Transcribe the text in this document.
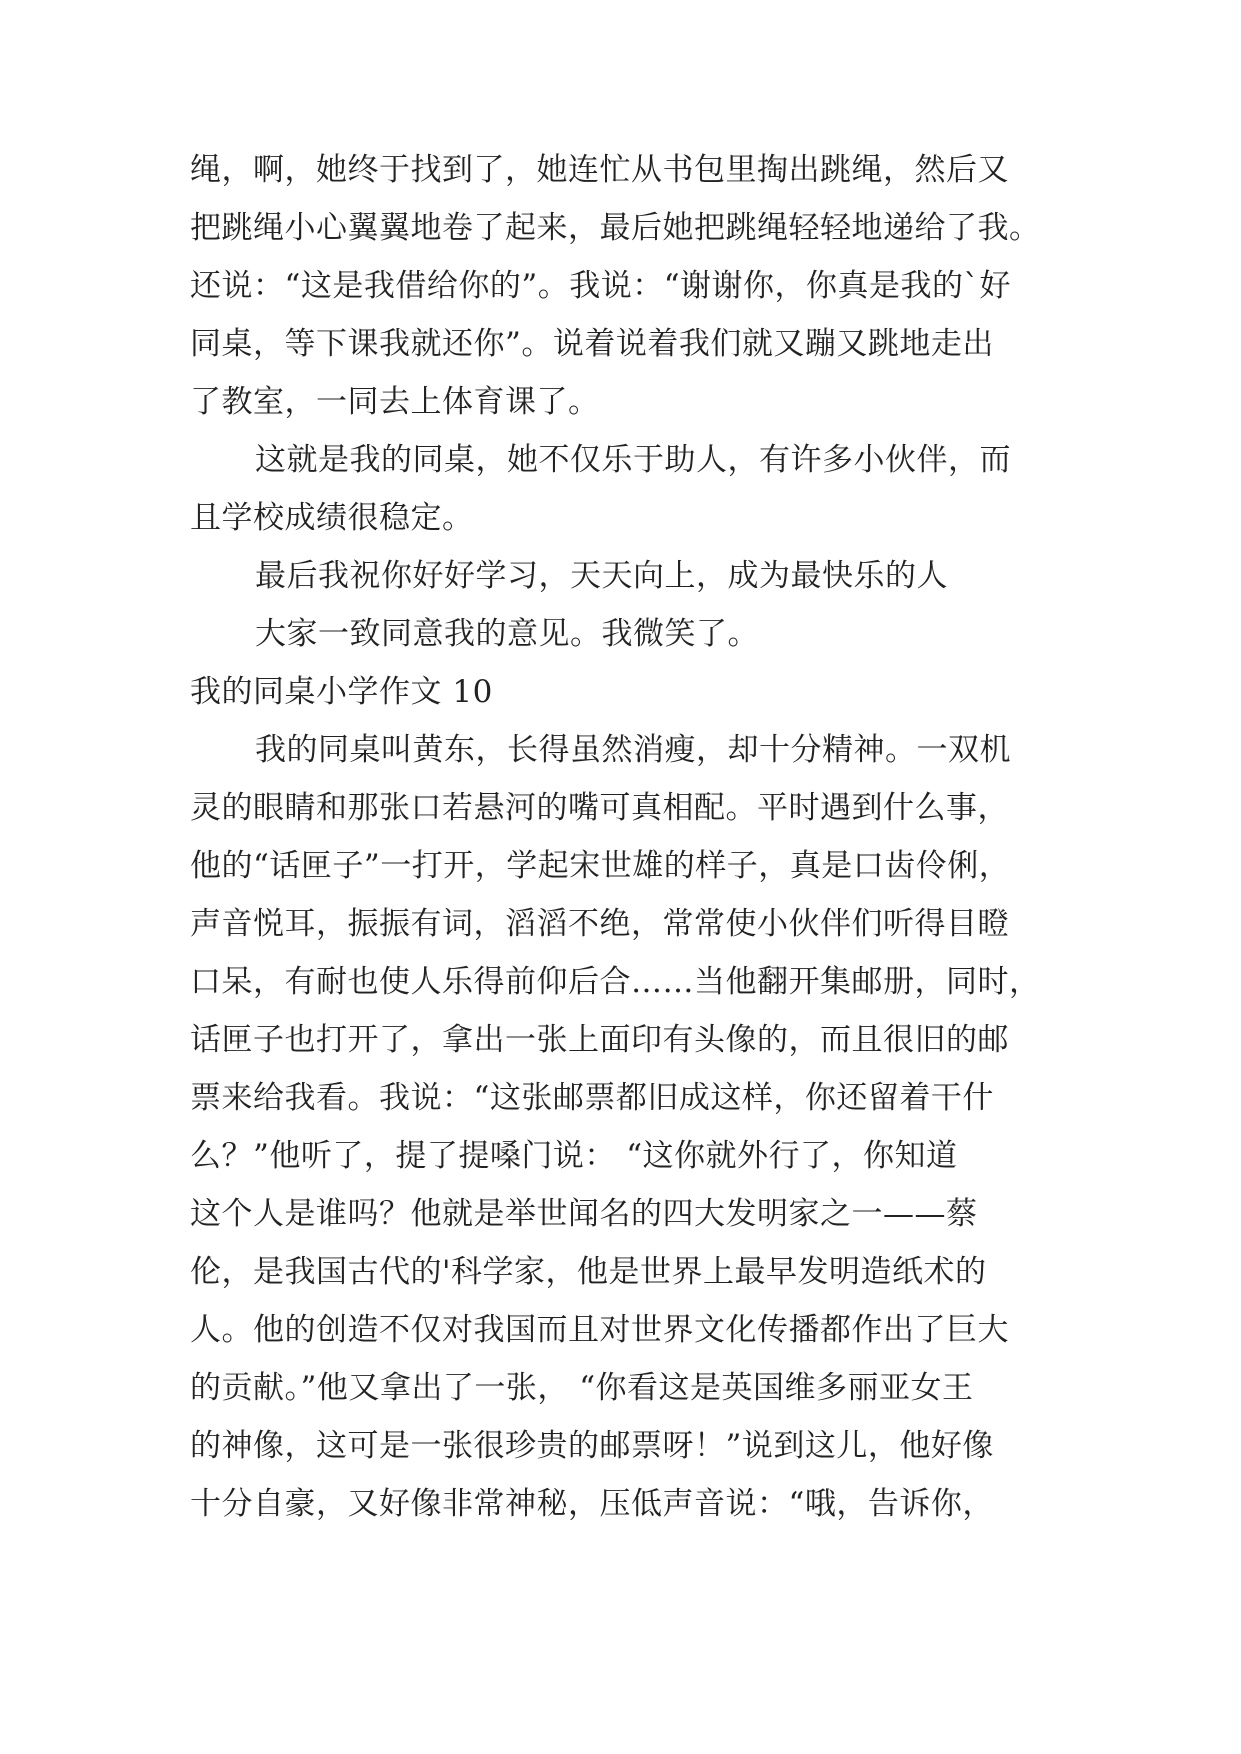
绳，啊，她终于找到了，她连忙从书包里掏出跳绳，然后又
把跳绳小心翼翼地卷了起来，最后她把跳绳轻轻地递给了我。
还说：“这是我借给你的”。我说：“谢谢你，你真是我的`好
同桌，等下课我就还你”。说着说着我们就又蹦又跳地走出
了教室，一同去上体育课了。
这就是我的同桌，她不仅乐于助人，有许多小伙伴，而
且学校成绩很稳定。
最后我祝你好好学习，天天向上，成为最快乐的人
大家一致同意我的意见。我微笑了。
我的同桌小学作文 10
我的同桌叫黄东，长得虽然消瘦，却十分精神。一双机
灵的眼睛和那张口若悬河的嘴可真相配。平时遇到什么事，
他的“话匣子”一打开，学起宋世雄的样子，真是口齿伶俐，
声音悦耳，振振有词，滔滔不绝，常常使小伙伴们听得目瞪
口呆，有耐也使人乐得前仰后合……当他翻开集邮册，同时，
话匣子也打开了，拿出一张上面印有头像的，而且很旧的邮
票来给我看。我说：“这张邮票都旧成这样，你还留着干什
么？”他听了，提了提嗓门说： “这你就外行了，你知道
这个人是谁吗？他就是举世闻名的四大发明家之一——蔡
伦，是我国古代的'科学家，他是世界上最早发明造纸术的
人。他的创造不仅对我国而且对世界文化传播都作出了巨大
的贡献。”他又拿出了一张， “你看这是英国维多丽亚女王
的神像，这可是一张很珍贵的邮票呀！”说到这儿，他好像
十分自豪，又好像非常神秘，压低声音说：“哦，告诉你，
